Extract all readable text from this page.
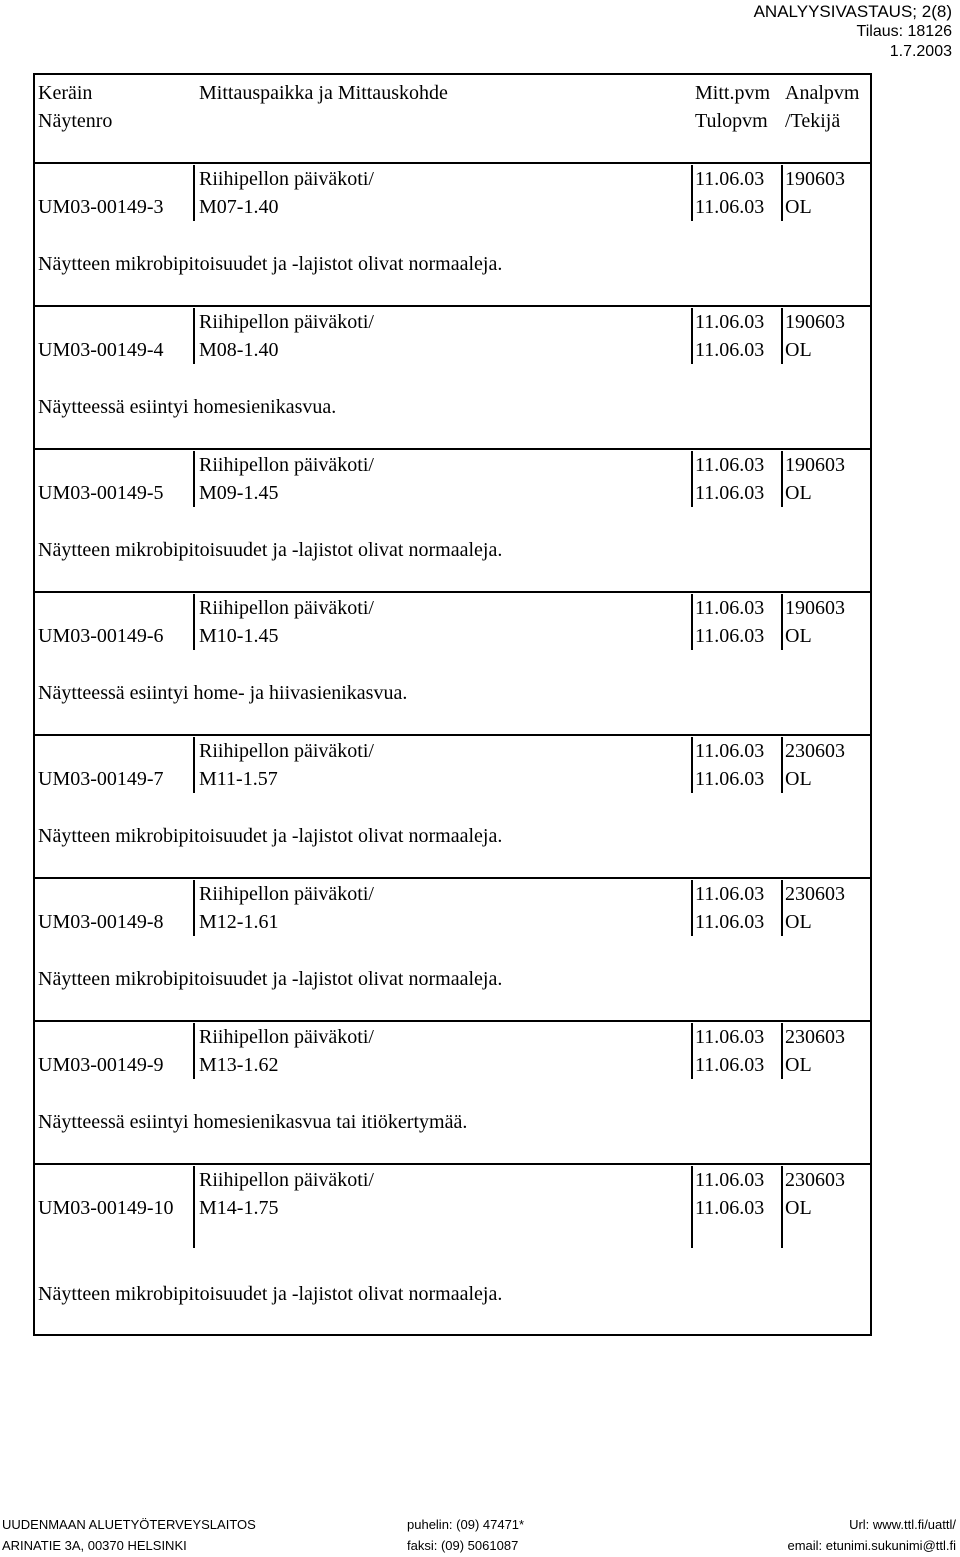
ANALYYSIVASTAUS; 2(8)
Tilaus: 18126
1.7.2003
Keräin
Näytenro
Mittauspaikka ja Mittauskohde	Mitt.pvm
Tulopvm
Analpvm
/Tekijä
Riihipellon päiväkoti/
UM03-00149-3 M07-1.40
11.06.03
11.06.03
190603
OL
Näytteen mikrobipitoisuudet ja -lajistot olivat normaaleja.
Riihipellon päiväkoti/
UM03-00149-4 M08-1.40
11.06.03
11.06.03
190603
OL
Näytteessä esiintyi homesienikasvua.
Riihipellon päiväkoti/
UM03-00149-5 M09-1.45
11.06.03
11.06.03
190603
OL
Näytteen mikrobipitoisuudet ja -lajistot olivat normaaleja.
Riihipellon päiväkoti/
UM03-00149-6 M10-1.45
11.06.03
11.06.03
190603
OL
Näytteessä esiintyi home- ja hiivasienikasvua.
Riihipellon päiväkoti/
UM03-00149-7 M11-1.57
11.06.03
11.06.03
230603
OL
Näytteen mikrobipitoisuudet ja -lajistot olivat normaaleja.
Riihipellon päiväkoti/
UM03-00149-8 M12-1.61
11.06.03
11.06.03
230603
OL
Näytteen mikrobipitoisuudet ja -lajistot olivat normaaleja.
Riihipellon päiväkoti/
UM03-00149-9 M13-1.62
11.06.03
11.06.03
230603
OL
Näytteessä esiintyi homesienikasvua tai itiökertymää.
Riihipellon päiväkoti/
UM03-00149-10 M14-1.75
11.06.03
11.06.03
230603
OL
Näytteen mikrobipitoisuudet ja -lajistot olivat normaaleja.
UUDENMAAN ALUETYÖTERVEYSLAITOS
ARINATIE 3A, 00370 HELSINKI
puhelin: (09) 47471*
faksi: (09) 5061087
Url: www.ttl.fi/uattl/
email: etunimi.sukunimi@ttl.fi
